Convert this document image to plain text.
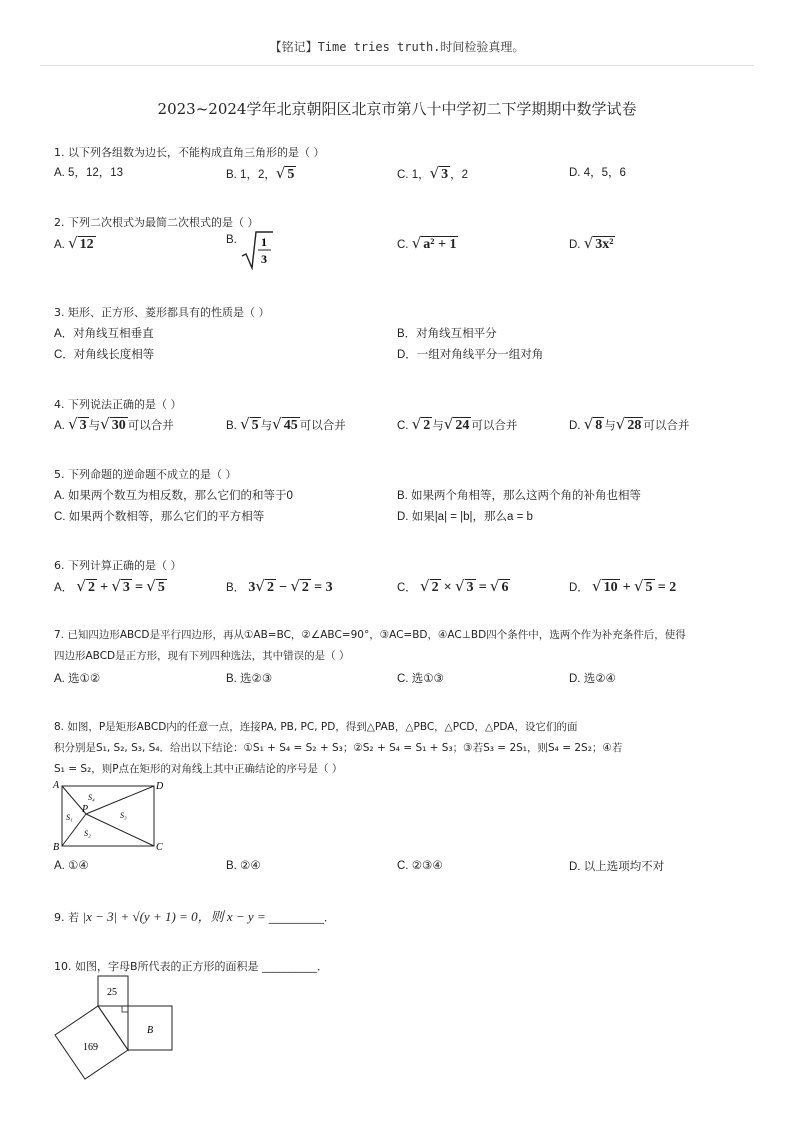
【铭记】Time tries truth.时间检验真理。
2023~2024学年北京朝阳区北京市第八十中学初二下学期期中数学试卷
1. 以下列各组数为边长，不能构成直角三角形的是（ ）
A. 5，12，13	B. 1，2，√ 5	C. 1，√ 3 ，2	D. 4，5，6
2. 下列二次根式为最简二次根式的是（ ）
A. √ 12	B. 1
3
C. √ a² + 1	D. √ 3x²
3. 矩形、正方形、菱形都具有的性质是（ ）
A．对角线互相垂直	B．对角线互相平分
C．对角线长度相等	D．一组对角线平分一组对角
4. 下列说法正确的是（ ）
A. √ 3 与√ 30 可以合并	B. √ 5 与√ 45 可以合并	C. √ 2 与√ 24 可以合并	D. √ 8 与√ 28 可以合并
5. 下列命题的逆命题不成立的是（ ）
A. 如果两个数互为相反数，那么它们的和等于0	B. 如果两个角相等，那么这两个角的补角也相等
C. 如果两个数相等，那么它们的平方相等	D. 如果|a| = |b|，那么a = b
6. 下列计算正确的是（ ）
A． √ 2 + √ 3 = √ 5	B． 3√ 2 − √ 2 = 3	C． √ 2 × √ 3 = √ 6	D． √ 10 + √ 5 = 2
7. 已知四边形ABCD是平行四边形，再从①AB=BC，②∠ABC=90°，③AC=BD，④AC⊥BD四个条件中，选两个作为补充条件后，使得
四边形ABCD是正方形，现有下列四种选法，其中错误的是（ ）
A. 选①②	B. 选②③	C. 选①③	D. 选②④
8. 如图，P是矩形ABCD内的任意一点，连接PA, PB, PC, PD，得到△PAB，△PBC，△PCD，△PDA，设它们的面
积分别是S₁, S₂, S₃, S₄．给出以下结论：①S₁ + S₄ = S₂ + S₃；②S₂ + S₄ = S₁ + S₃；③若S₃ = 2S₁，则S₄ = 2S₂；④若
S₁ = S₂，则P点在矩形的对角线上其中正确结论的序号是（ ）
A	D
B	C
P
S₄
S₁
S₂
S₃
A. ①④	B. ②④	C. ②③④	D. 以上选项均不对
9. 若 |x − 3| + √(y + 1) = 0，则 x − y = __________．
10. 如图，字母B所代表的正方形的面积是 __________．
25
169
B
